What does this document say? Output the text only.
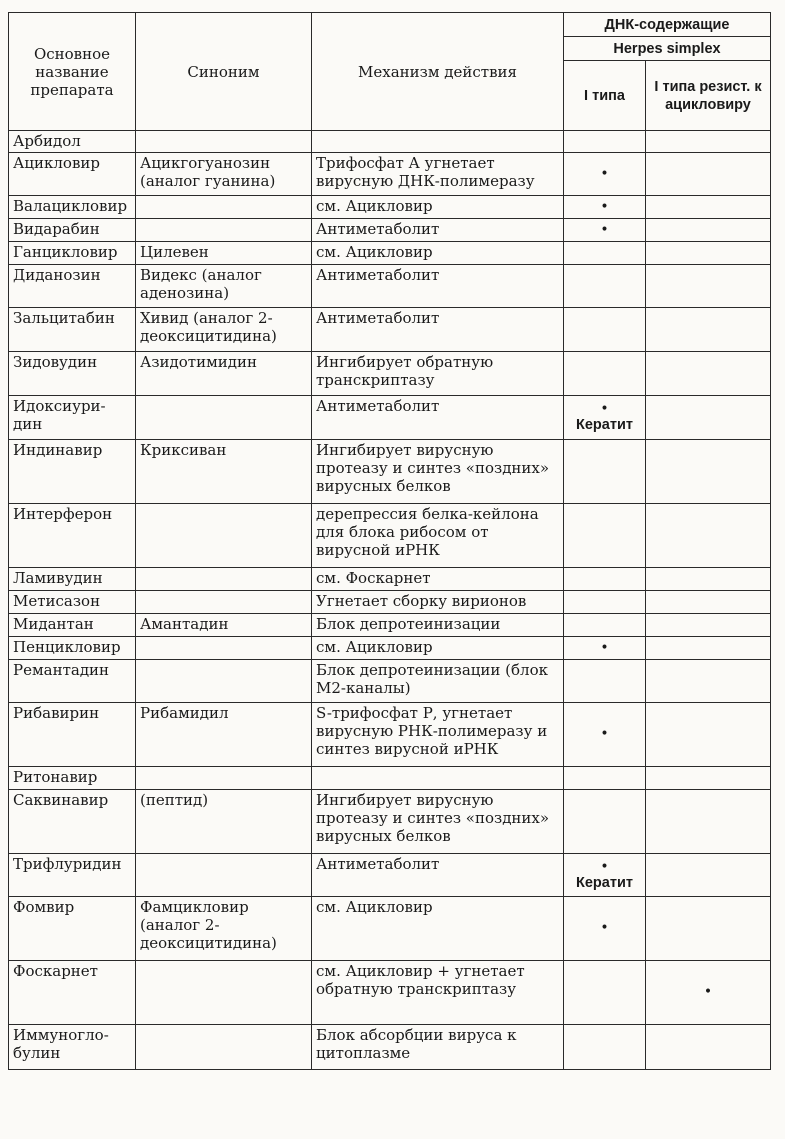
Основное название препарата	Синоним	Механизм действия	ДНК-содержащие	
			Herpes simplex	
			I типа	I типа резист. к ацикловиру
Арбидол			

Ацикловир	Ацикгогуанозин (аналог гуанина)	Трифосфат А угнетает вирусную ДНК-полимеразу	•	

Валацикловир		см. Ацикловир	•	

Видарабин		Антиметаболит	•	

Ганцикловир	Цилевен	см. Ацикловир	

Диданозин	Видекс (аналог аденозина)	Антиметаболит	

Зальцитабин	Хивид (аналог 2-деоксицитидина)	Антиметаболит	

Зидовудин	Азидотимидин	Ингибирует обратную транскриптазу	

Идоксиури-дин		Антиметаболит	•
Кератит	

Индинавир	Криксиван	Ингибирует вирусную протеазу и синтез «поздних» вирусных белков	

Интерферон		дерепрессия белка-кейлона для блока рибосом от вирусной иРНК	

Ламивудин		см. Фоскарнет	

Метисазон		Угнетает сборку вирионов	

Мидантан	Амантадин	Блок депротеинизации	

Пенцикловир		см. Ацикловир	•	

Ремантадин		Блок депротеинизации (блок М2-каналы)	

Рибавирин	Рибамидил	S-трифосфат Р, угнетает вирусную РНК-полимеразу и синтез вирусной иРНК	•	

Ритонавир			

Саквинавир	(пептид)	Ингибирует вирусную протеазу и синтез «поздних» вирусных белков	

Трифлуридин		Антиметаболит	•
Кератит	

Фомвир	Фамцикловир (аналог 2-деоксицитидина)	см. Ацикловир	•	

Фоскарнет		см. Ацикловир + угнетает обратную транскриптазу		•

Иммуногло-булин		Блок абсорбции вируса к цитоплазме	
